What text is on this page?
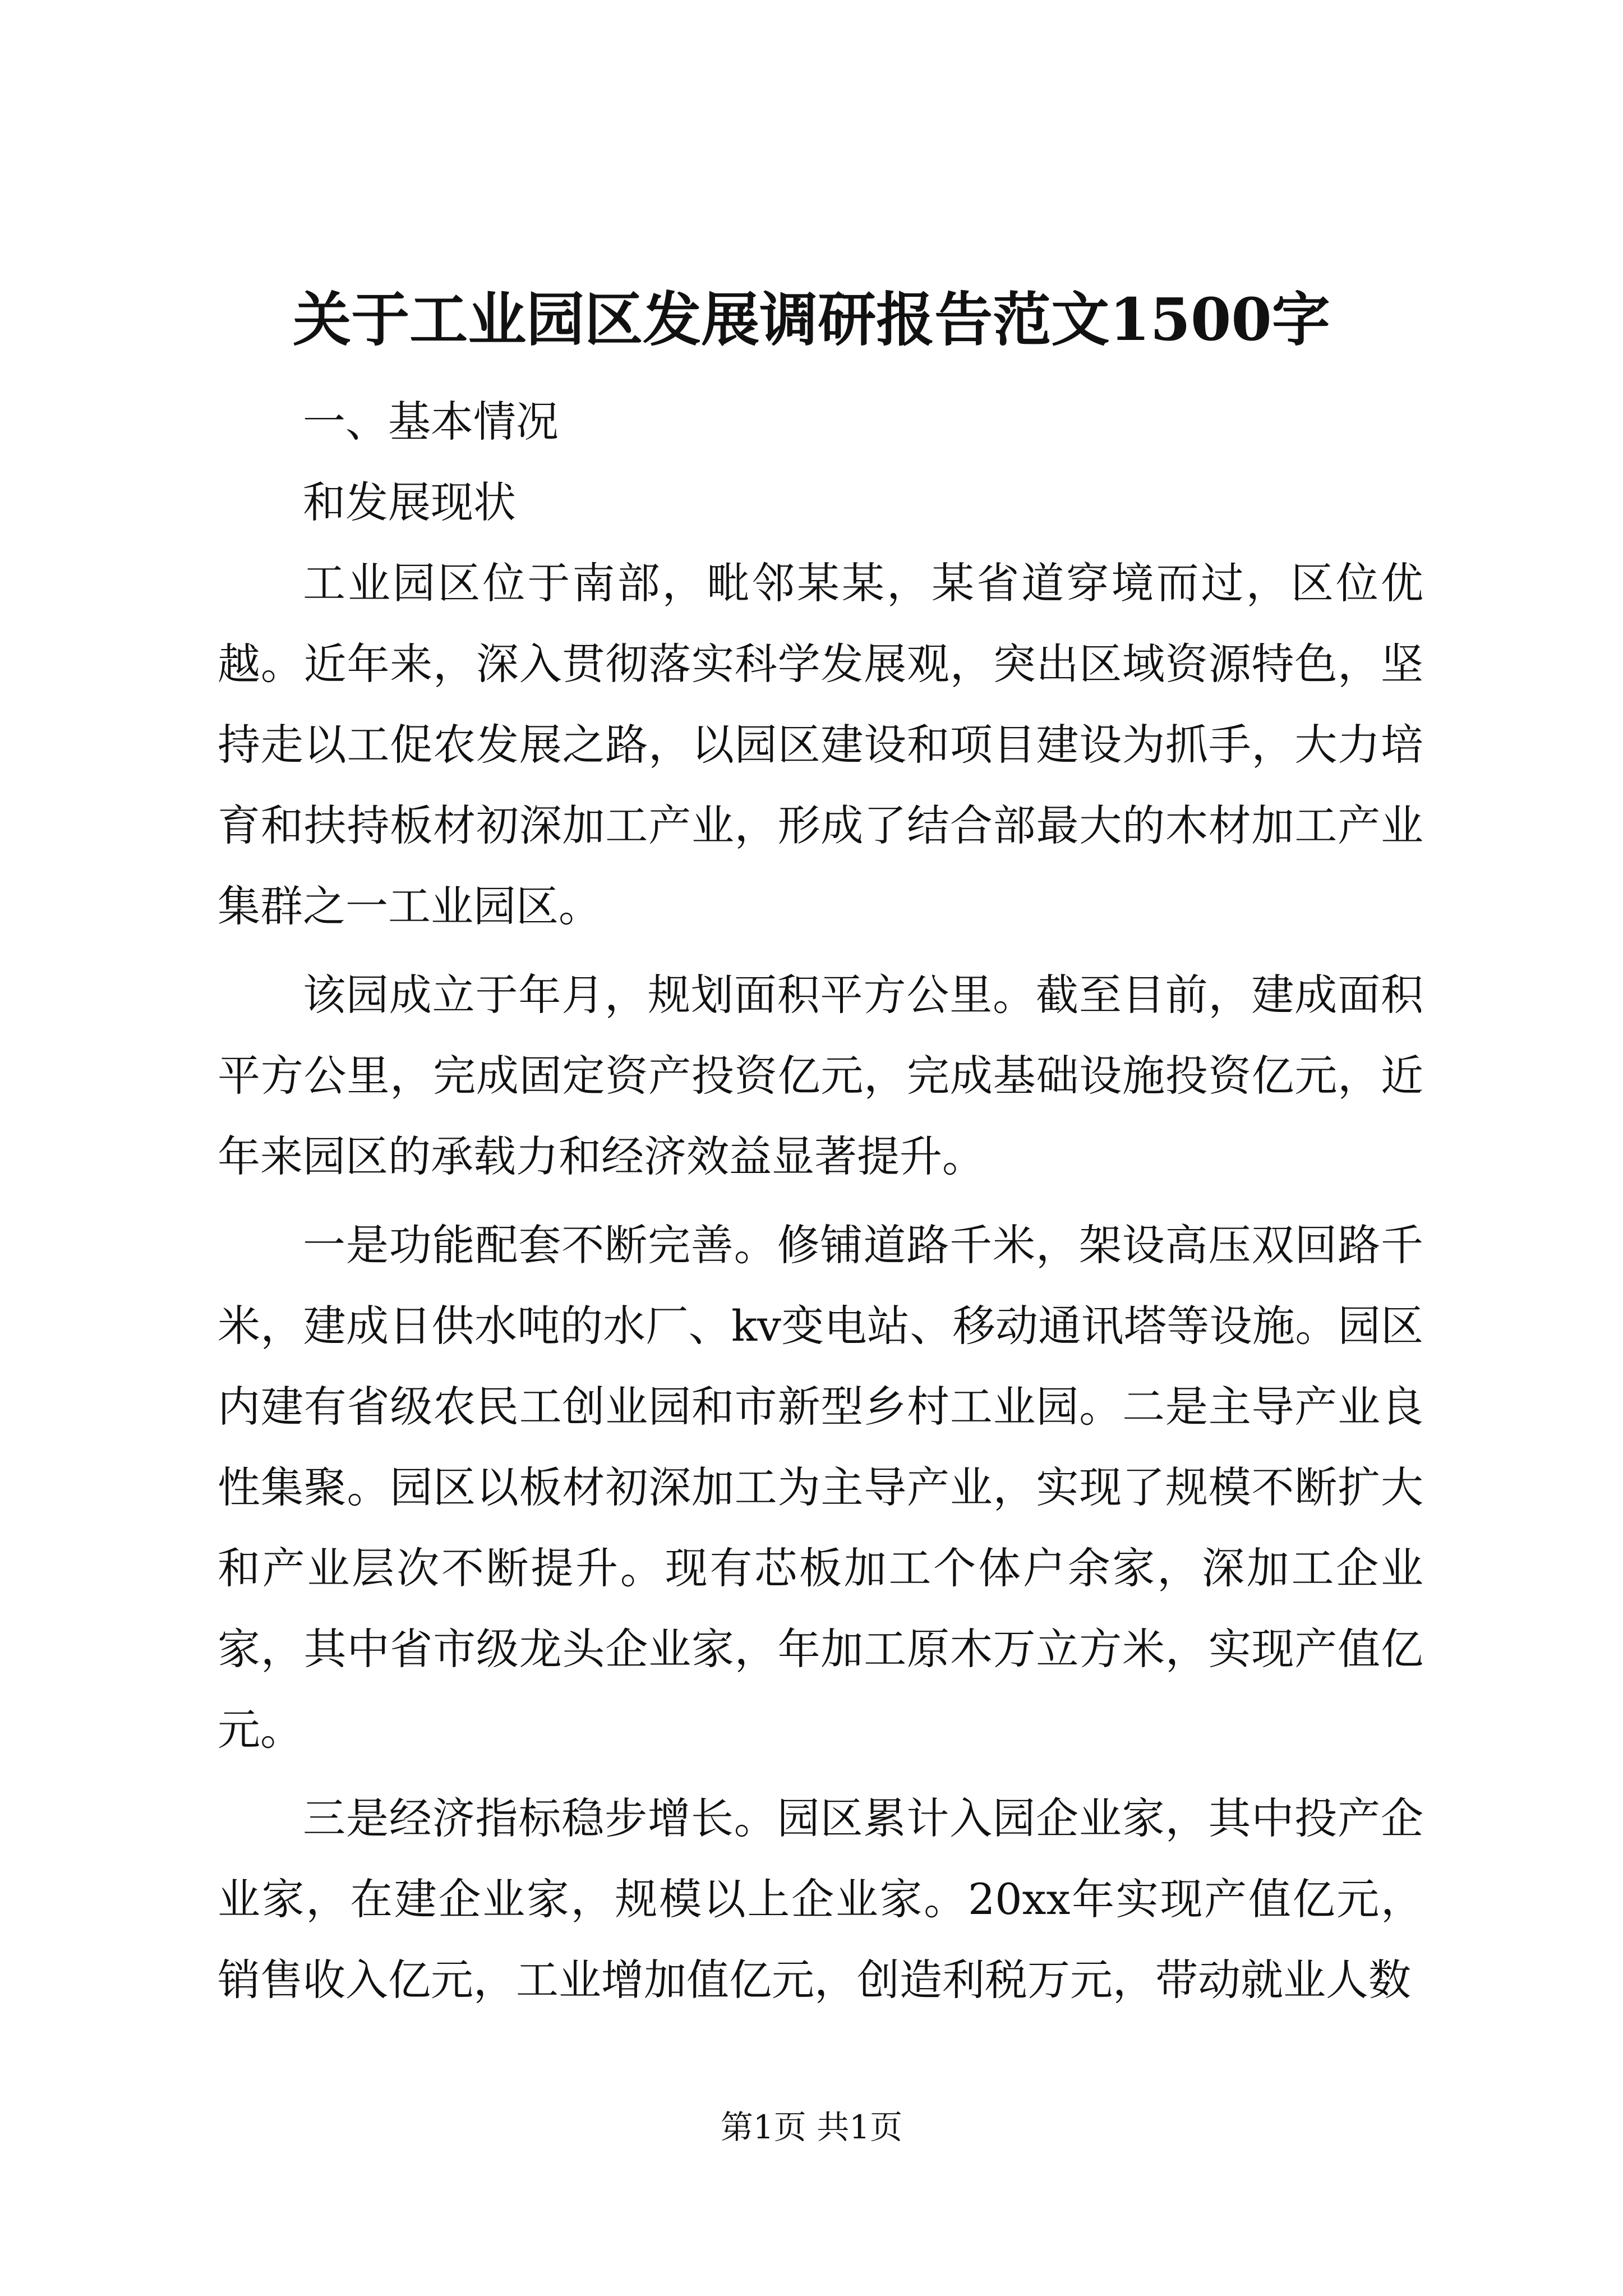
关于工业园区发展调研报告范文1500字

一、基本情况

和发展现状

工业园区位于南部，毗邻某某，某省道穿境而过，区位优越。近年来，深入贯彻落实科学发展观，突出区域资源特色，坚持走以工促农发展之路，以园区建设和项目建设为抓手，大力培育和扶持板材初深加工产业，形成了结合部最大的木材加工产业集群之一工业园区。

该园成立于年月，规划面积平方公里。截至目前，建成面积平方公里，完成固定资产投资亿元，完成基础设施投资亿元，近年来园区的承载力和经济效益显著提升。

一是功能配套不断完善。修铺道路千米，架设高压双回路千米，建成日供水吨的水厂、kv变电站、移动通讯塔等设施。园区内建有省级农民工创业园和市新型乡村工业园。二是主导产业良性集聚。园区以板材初深加工为主导产业，实现了规模不断扩大和产业层次不断提升。现有芯板加工个体户余家，深加工企业家，其中省市级龙头企业家，年加工原木万立方米，实现产值亿元。

三是经济指标稳步增长。园区累计入园企业家，其中投产企业家，在建企业家，规模以上企业家。20xx年实现产值亿元，销售收入亿元，工业增加值亿元，创造利税万元，带动就业人数

第1页 共1页
